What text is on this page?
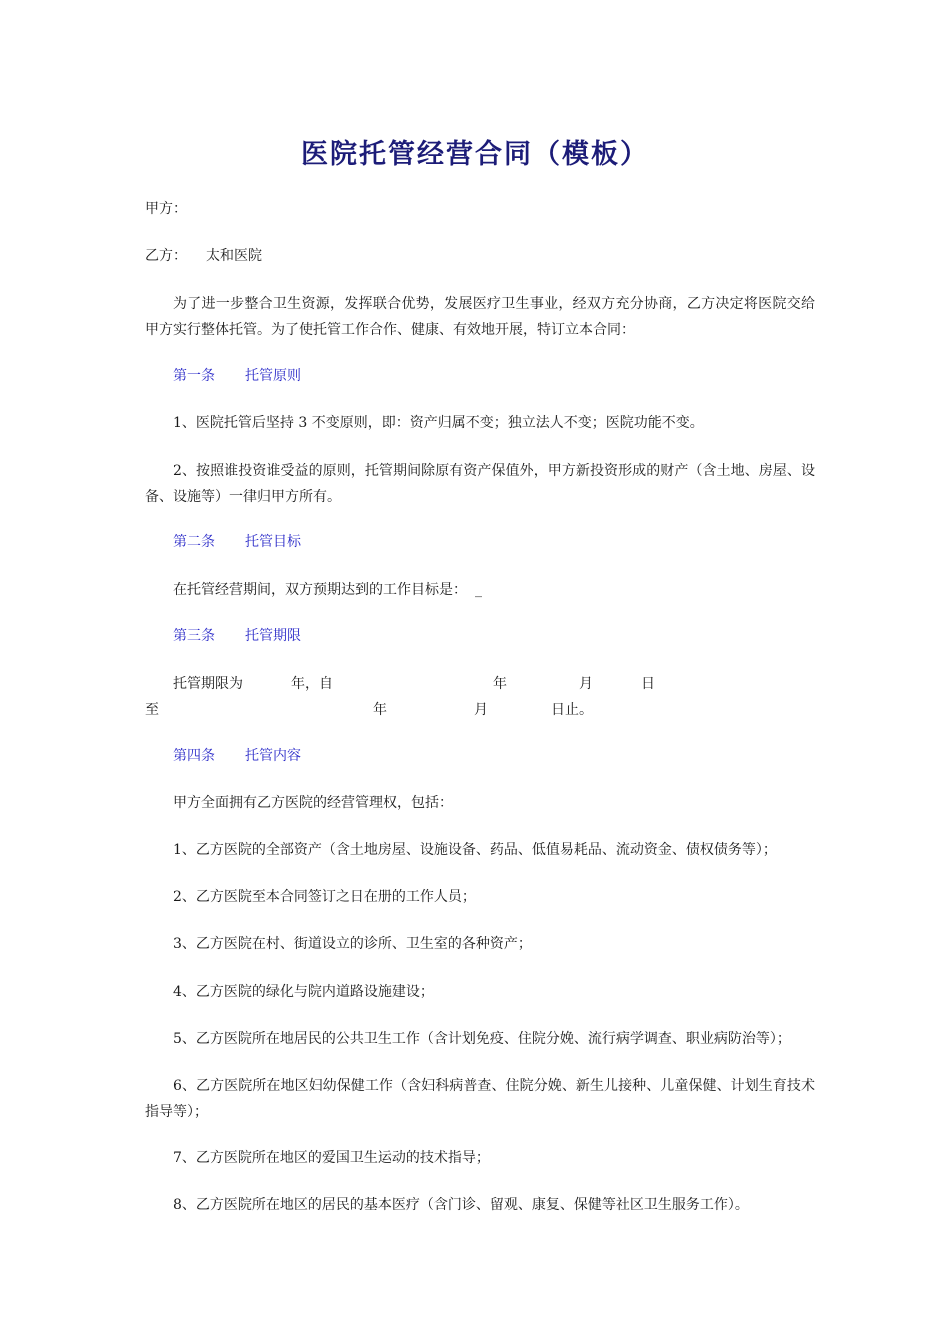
医院托管经营合同（模板）
甲方：
乙方： 太和医院
为了进一步整合卫生资源，发挥联合优势，发展医疗卫生事业，经双方充分协商，乙方决定将医院交给甲方实行整体托管。为了使托管工作合作、健康、有效地开展，特订立本合同：
第一条 托管原则
1、医院托管后坚持 3 不变原则，即：资产归属不变；独立法人不变；医院功能不变。
2、按照谁投资谁受益的原则，托管期间除原有资产保值外，甲方新投资形成的财产（含土地、房屋、设备、设施等）一律归甲方所有。
第二条 托管目标
在托管经营期间，双方预期达到的工作目标是： _
第三条 托管期限
托管期限为	年，自	年	月	日
至	年	月	日止。
第四条 托管内容
甲方全面拥有乙方医院的经营管理权，包括：
1、乙方医院的全部资产（含土地房屋、设施设备、药品、低值易耗品、流动资金、债权债务等）；
2、乙方医院至本合同签订之日在册的工作人员；
3、乙方医院在村、街道设立的诊所、卫生室的各种资产；
4、乙方医院的绿化与院内道路设施建设；
5、乙方医院所在地居民的公共卫生工作（含计划免疫、住院分娩、流行病学调查、职业病防治等）；
6、乙方医院所在地区妇幼保健工作（含妇科病普查、住院分娩、新生儿接种、儿童保健、计划生育技术指导等）；
7、乙方医院所在地区的爱国卫生运动的技术指导；
8、乙方医院所在地区的居民的基本医疗（含门诊、留观、康复、保健等社区卫生服务工作）。
